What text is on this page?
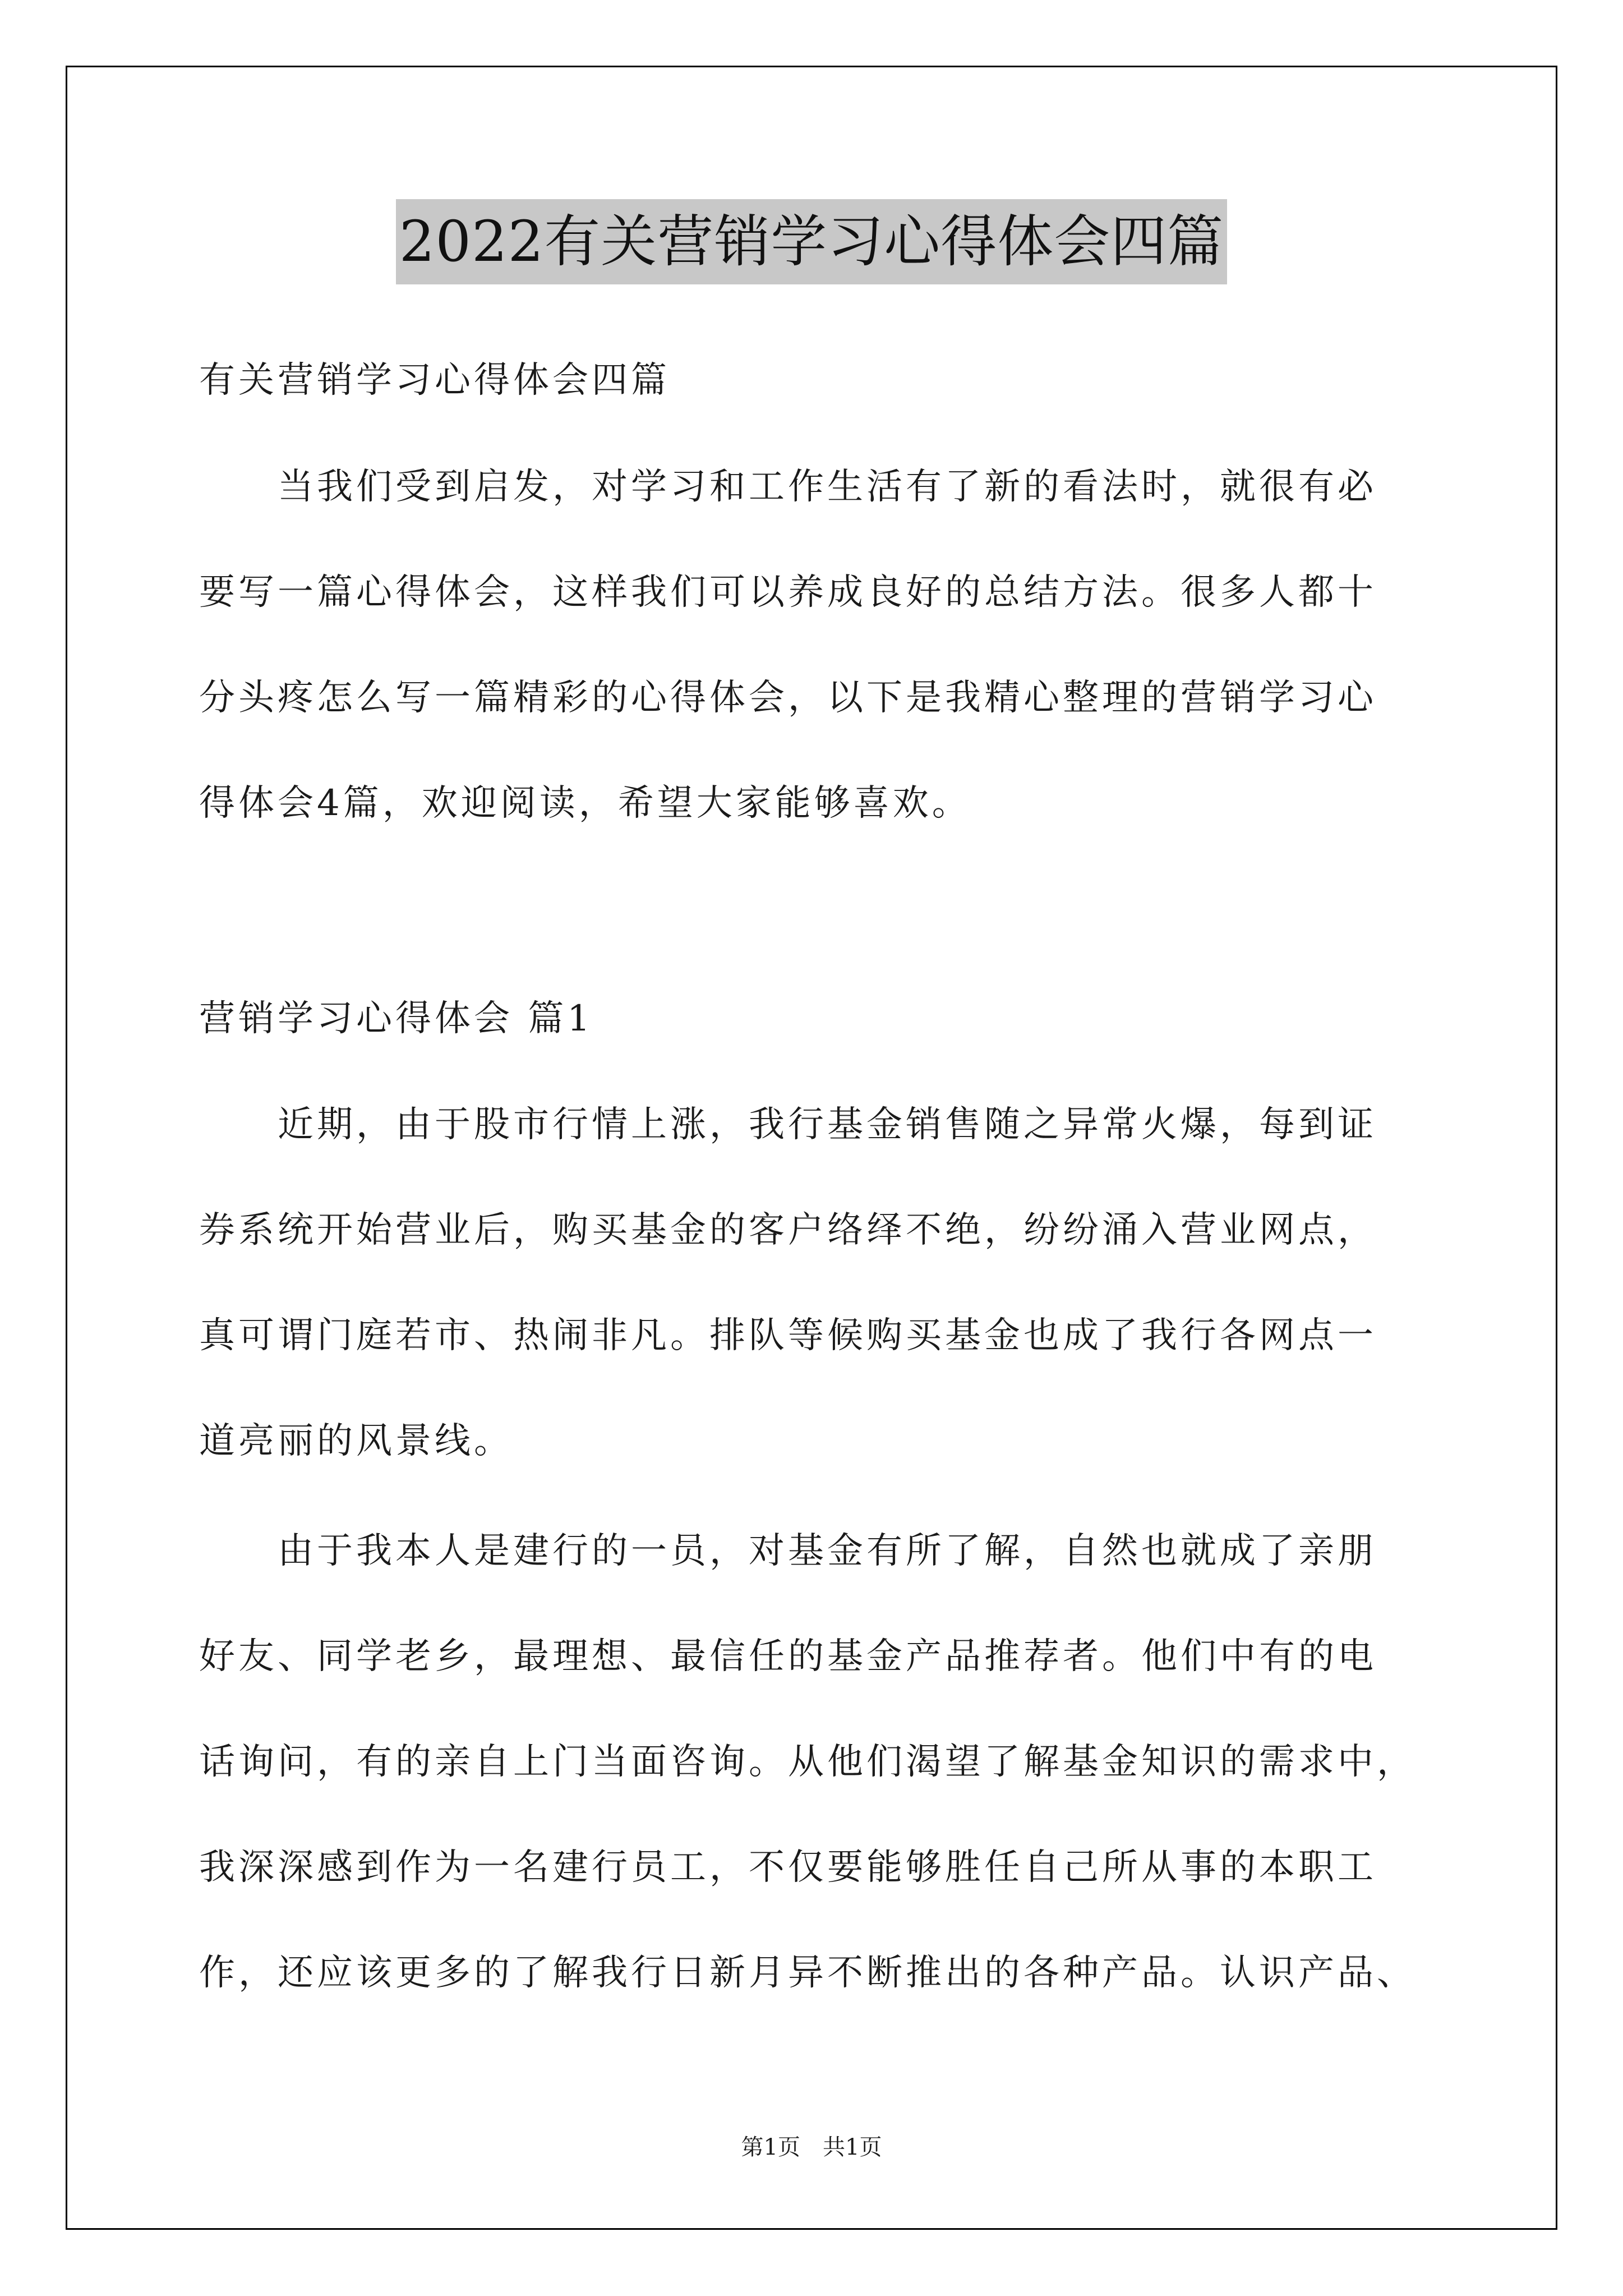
2022有关营销学习心得体会四篇
有关营销学习心得体会四篇
　　当我们受到启发，对学习和工作生活有了新的看法时，就很有必
要写一篇心得体会，这样我们可以养成良好的总结方法。很多人都十
分头疼怎么写一篇精彩的心得体会，以下是我精心整理的营销学习心
得体会4篇，欢迎阅读，希望大家能够喜欢。
营销学习心得体会 篇1
　　近期，由于股市行情上涨，我行基金销售随之异常火爆，每到证
券系统开始营业后，购买基金的客户络绎不绝，纷纷涌入营业网点，
真可谓门庭若市、热闹非凡。排队等候购买基金也成了我行各网点一
道亮丽的风景线。
　　由于我本人是建行的一员，对基金有所了解，自然也就成了亲朋
好友、同学老乡，最理想、最信任的基金产品推荐者。他们中有的电
话询问，有的亲自上门当面咨询。从他们渴望了解基金知识的需求中，
我深深感到作为一名建行员工，不仅要能够胜任自己所从事的本职工
作，还应该更多的了解我行日新月异不断推出的各种产品。认识产品、
第1页　共1页
